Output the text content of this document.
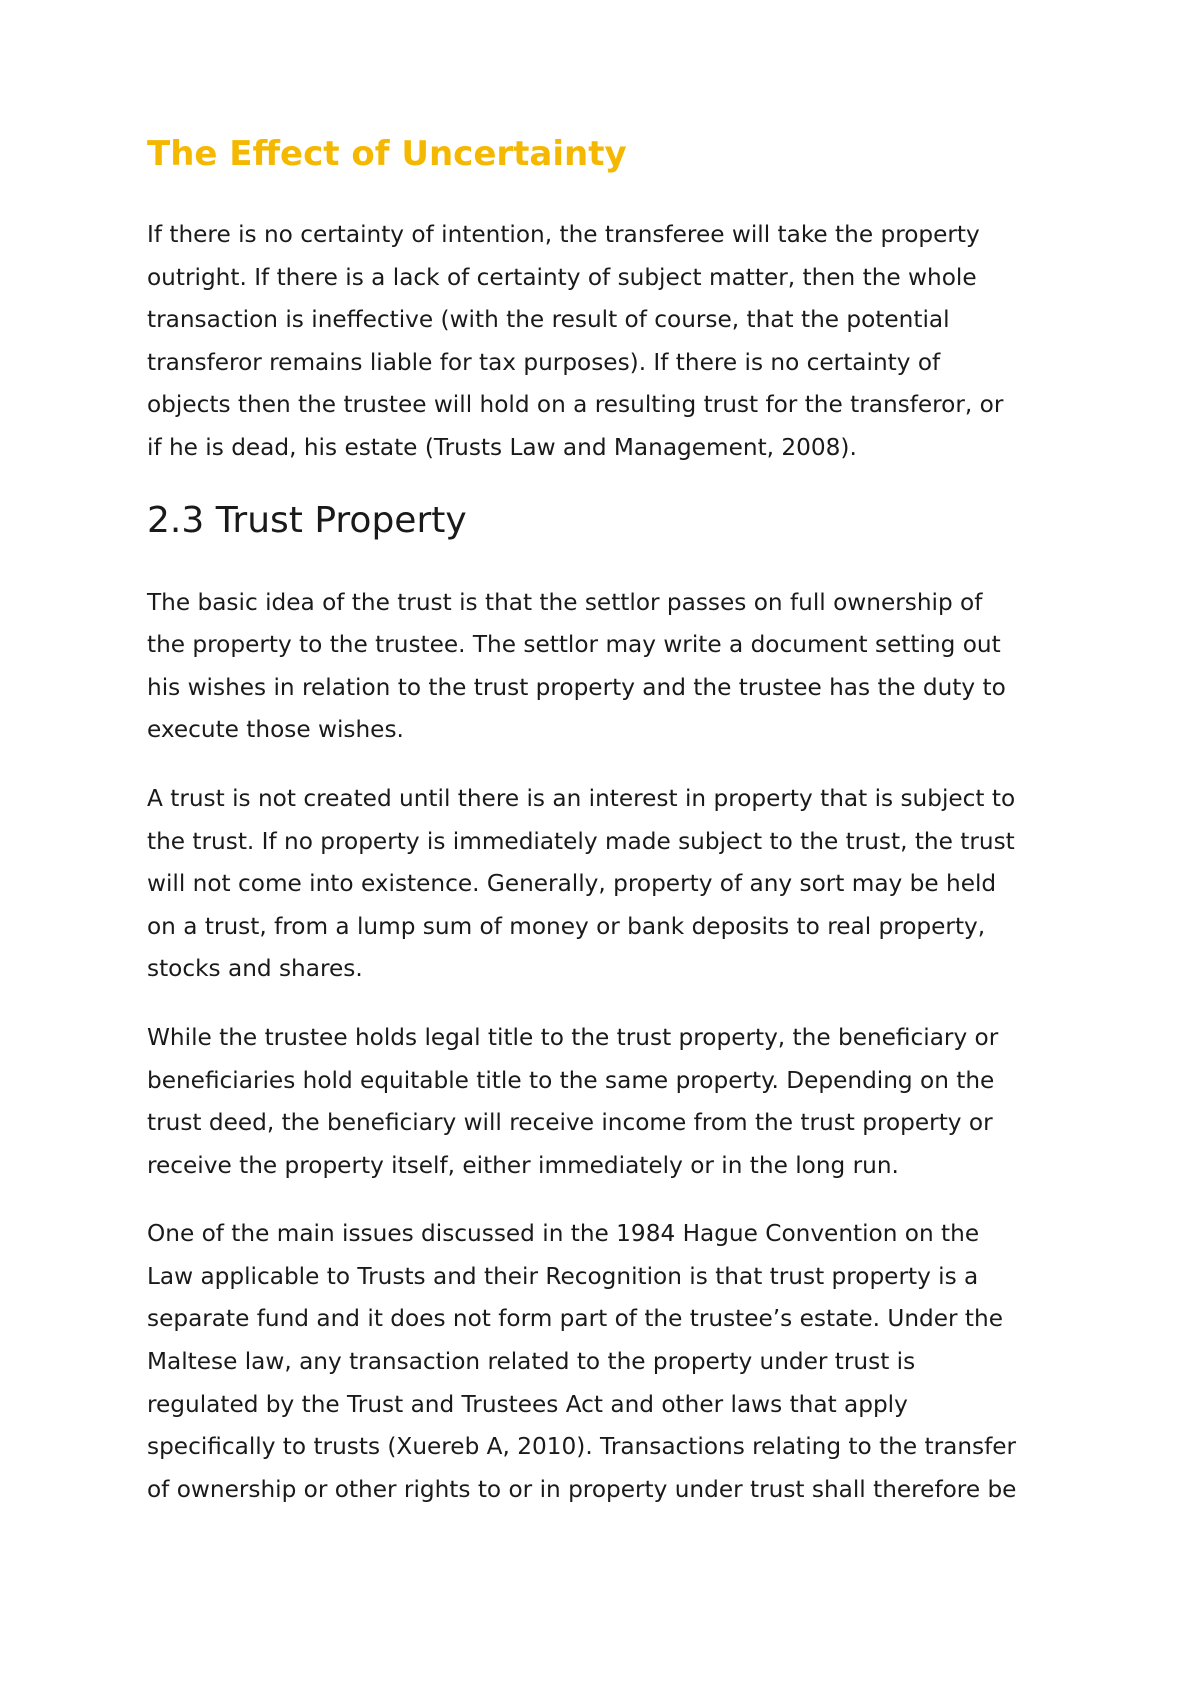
The Effect of Uncertainty

If there is no certainty of intention, the transferee will take the property
outright. If there is a lack of certainty of subject matter, then the whole
transaction is ineffective (with the result of course, that the potential
transferor remains liable for tax purposes). If there is no certainty of
objects then the trustee will hold on a resulting trust for the transferor, or
if he is dead, his estate (Trusts Law and Management, 2008).

2.3 Trust Property

The basic idea of the trust is that the settlor passes on full ownership of
the property to the trustee. The settlor may write a document setting out
his wishes in relation to the trust property and the trustee has the duty to
execute those wishes.

A trust is not created until there is an interest in property that is subject to
the trust. If no property is immediately made subject to the trust, the trust
will not come into existence. Generally, property of any sort may be held
on a trust, from a lump sum of money or bank deposits to real property,
stocks and shares.

While the trustee holds legal title to the trust property, the beneficiary or
beneficiaries hold equitable title to the same property. Depending on the
trust deed, the beneficiary will receive income from the trust property or
receive the property itself, either immediately or in the long run.

One of the main issues discussed in the 1984 Hague Convention on the
Law applicable to Trusts and their Recognition is that trust property is a
separate fund and it does not form part of the trustee’s estate. Under the
Maltese law, any transaction related to the property under trust is
regulated by the Trust and Trustees Act and other laws that apply
specifically to trusts (Xuereb A, 2010). Transactions relating to the transfer
of ownership or other rights to or in property under trust shall therefore be
